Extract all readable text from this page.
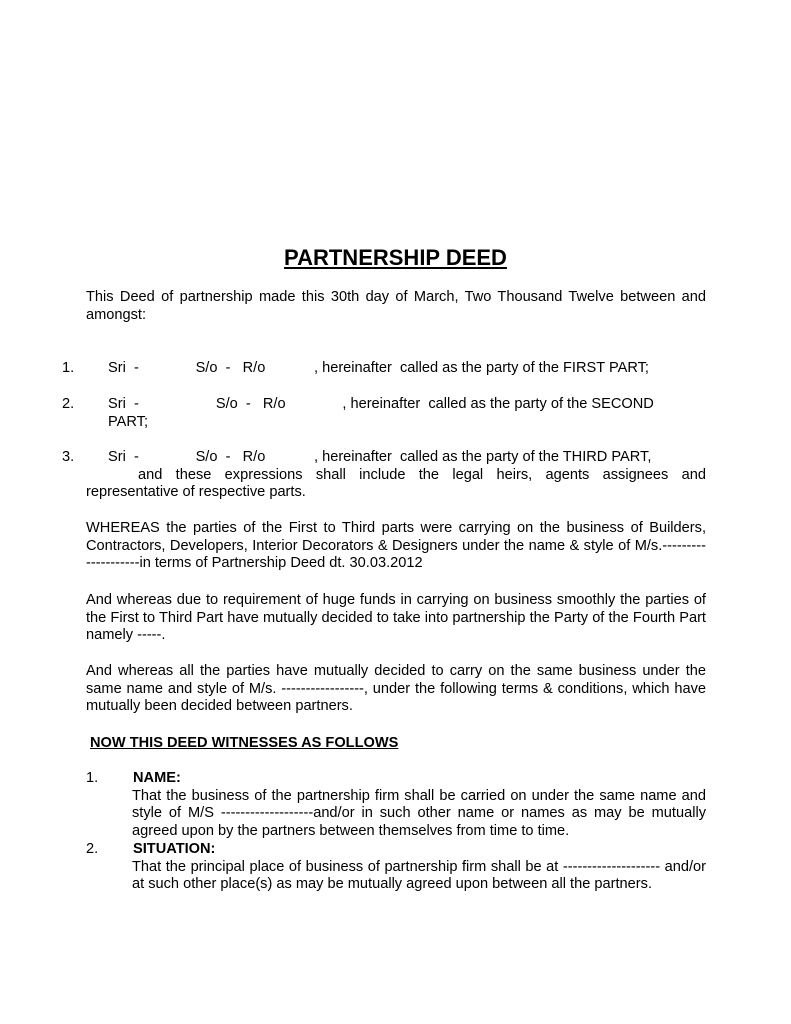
PARTNERSHIP DEED
This Deed of partnership made this 30th day of March, Two Thousand Twelve between and amongst:
1. Sri  -              S/o  -   R/o            , hereinafter  called as the party of the FIRST PART;
2. Sri  -                   S/o  -   R/o              , hereinafter  called as the party of the SECOND
PART;
3. Sri  -              S/o  -   R/o            , hereinafter  called as the party of the THIRD PART,
and these expressions shall include the legal heirs, agents assignees and representative of respective parts.
WHEREAS the parties of the First to Third parts were carrying on the business of Builders, Contractors, Developers, Interior Decorators & Designers under the name & style of M/s.--------------------in terms of Partnership Deed dt. 30.03.2012
And whereas due to requirement of huge funds in carrying on business smoothly the parties of the First to Third Part have mutually decided to take into partnership the Party of the Fourth Part namely -----.
And whereas all the parties have mutually decided to carry on the same business under the same name and style of M/s. -----------------, under the following terms & conditions, which have mutually been decided between partners.
NOW THIS DEED WITNESSES AS FOLLOWS
1. NAME:
That the business of the partnership firm shall be carried on under the same name and style of M/S -------------------and/or in such other name or names as may be mutually agreed upon by the partners between themselves from time to time.
2. SITUATION:
That the principal place of business of partnership firm shall be at -------------------- and/or at such other place(s) as may be mutually agreed upon between all the partners.
